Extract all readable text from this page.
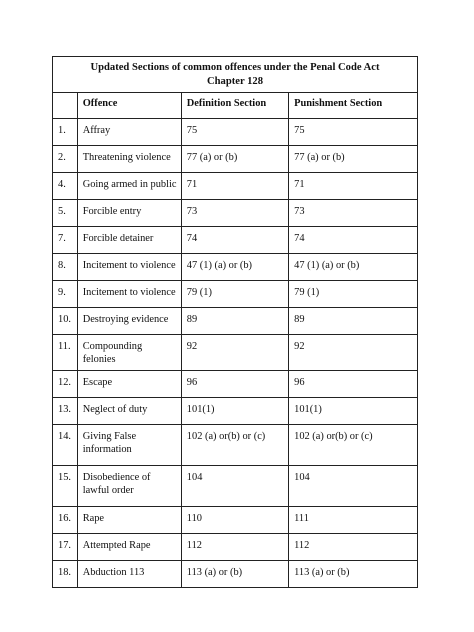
Updated Sections of common offences under the Penal Code Act Chapter 128			
	Offence	Definition Section	Punishment Section
1.	Affray	75	75
2.	Threatening violence	77 (a) or (b)	77 (a) or (b)
4.	Going armed in public	71	71
5.	Forcible entry	73	73
7.	Forcible detainer	74	74
8.	Incitement to violence	47 (1) (a) or (b)	47 (1) (a) or (b)
9.	Incitement to violence	79 (1)	79 (1)
10.	Destroying evidence	89	89
11.	Compounding felonies	92	92
12.	Escape	96	96
13.	Neglect of duty	101(1)	101(1)
14.	Giving False information	102 (a) or(b) or (c)	102 (a) or(b) or (c)
15.	Disobedience of lawful order	104	104
16.	Rape	110	111
17.	Attempted Rape	112	112
18.	Abduction 113	113 (a) or (b)	113 (a) or (b)
